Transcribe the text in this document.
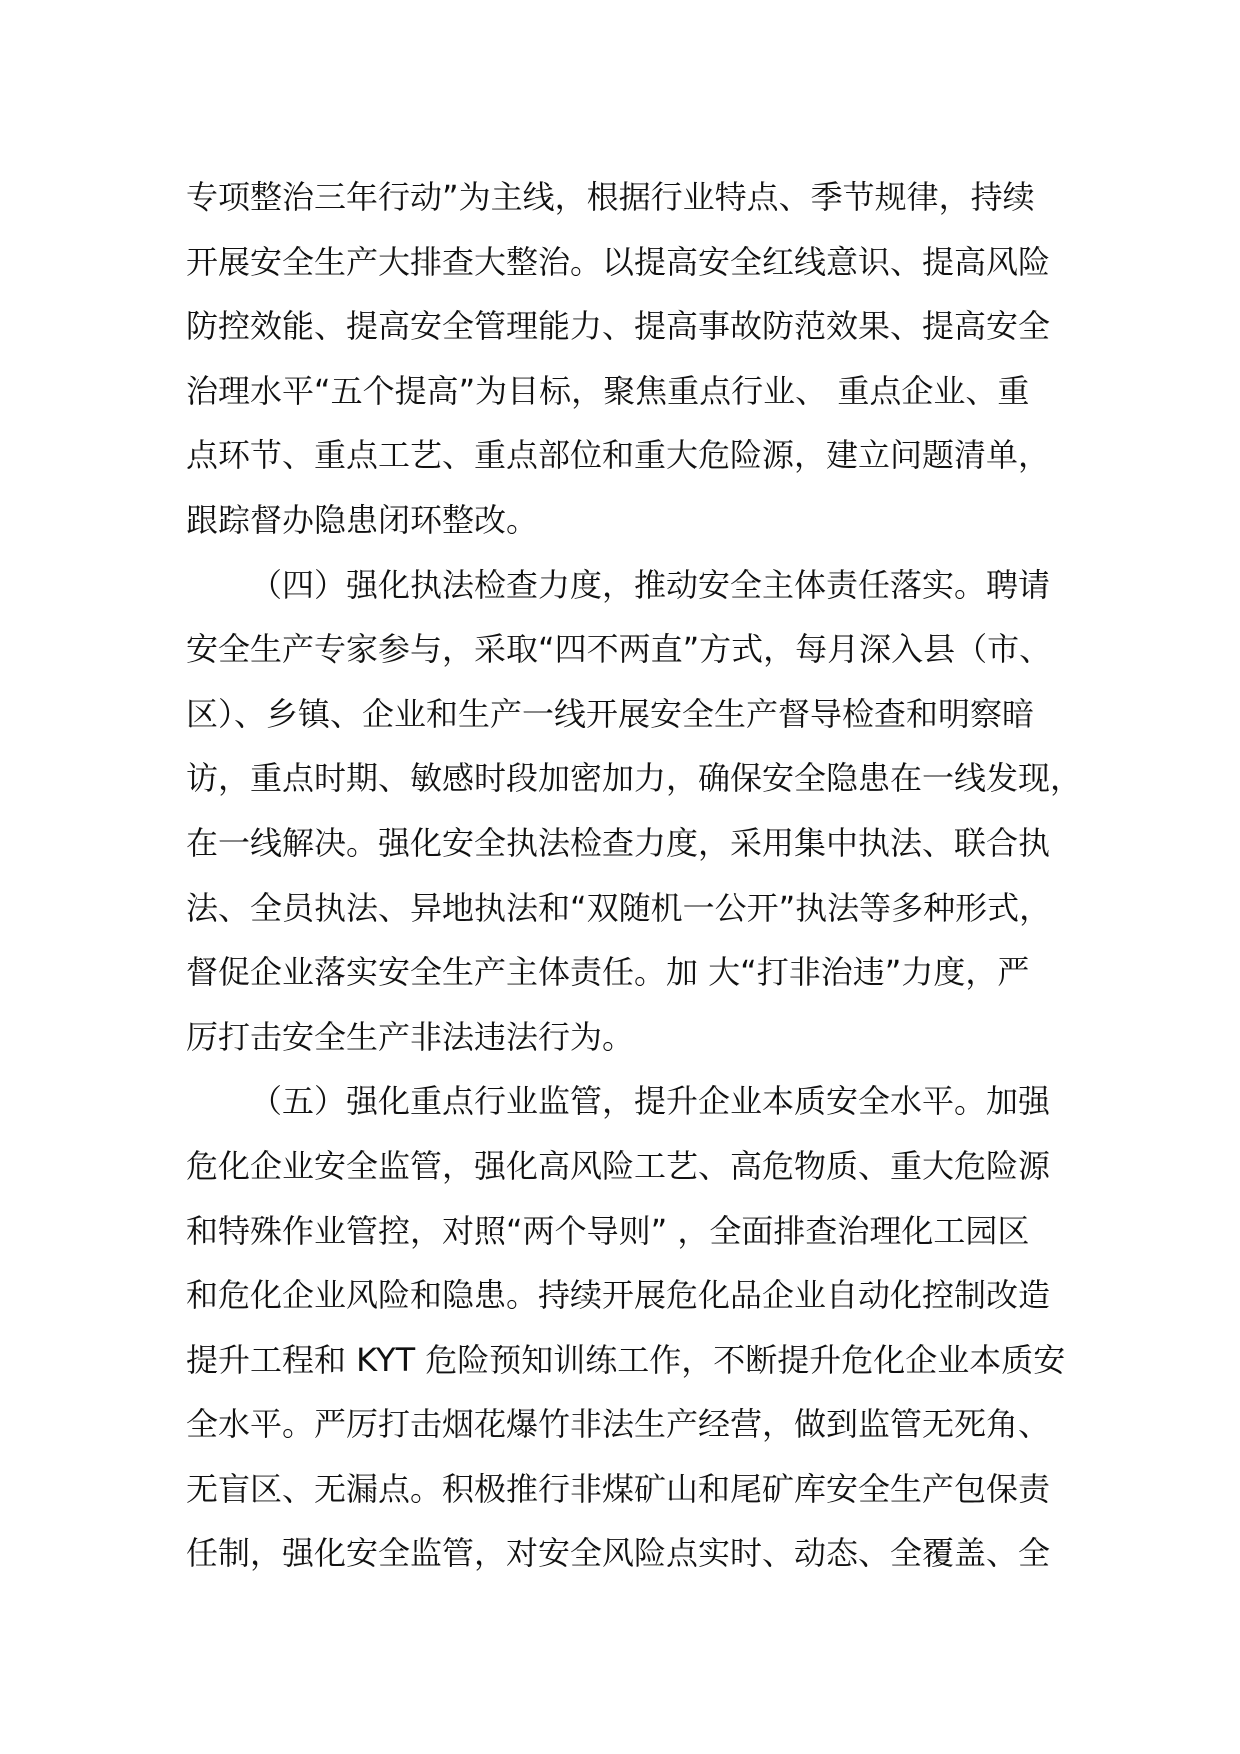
专项整治三年行动”为主线，根据行业特点、季节规律，持续
开展安全生产大排查大整治。以提高安全红线意识、提高风险
防控效能、提高安全管理能力、提高事故防范效果、提高安全
治理水平“五个提高”为目标，聚焦重点行业、 重点企业、重
点环节、重点工艺、重点部位和重大危险源，建立问题清单，
跟踪督办隐患闭环整改。
（四）强化执法检查力度，推动安全主体责任落实。聘请
安全生产专家参与，采取“四不两直”方式，每月深入县（市、
区）、乡镇、企业和生产一线开展安全生产督导检查和明察暗
访，重点时期、敏感时段加密加力，确保安全隐患在一线发现，
在一线解决。强化安全执法检查力度，采用集中执法、联合执
法、全员执法、异地执法和“双随机一公开”执法等多种形式，
督促企业落实安全生产主体责任。加 大“打非治违”力度，严
厉打击安全生产非法违法行为。
（五）强化重点行业监管，提升企业本质安全水平。加强
危化企业安全监管，强化高风险工艺、高危物质、重大危险源
和特殊作业管控，对照“两个导则” ，全面排查治理化工园区
和危化企业风险和隐患。持续开展危化品企业自动化控制改造
提升工程和 KYT 危险预知训练工作，不断提升危化企业本质安
全水平。严厉打击烟花爆竹非法生产经营，做到监管无死角、
无盲区、无漏点。积极推行非煤矿山和尾矿库安全生产包保责
任制，强化安全监管，对安全风险点实时、动态、全覆盖、全
